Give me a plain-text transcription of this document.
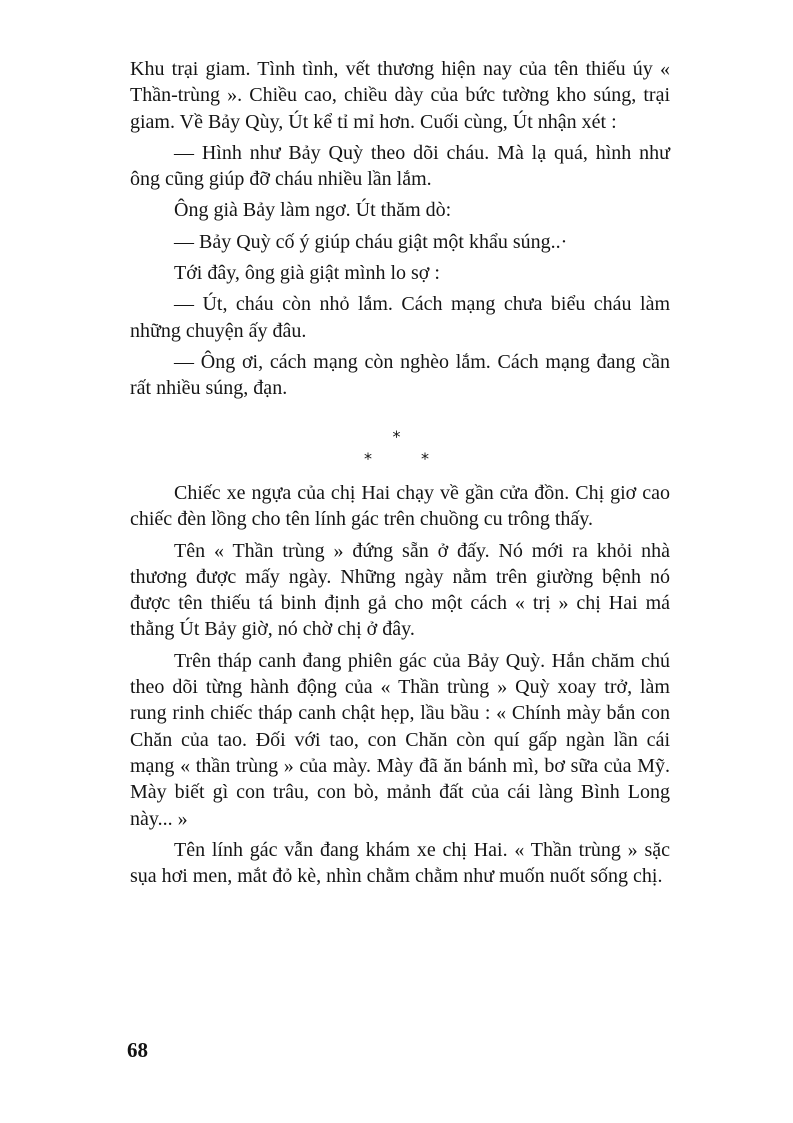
Khu trại giam. Tình tình, vết thương hiện nay của tên thiếu úy « Thần-trùng ». Chiều cao, chiều dày của bức tường kho súng, trại giam. Về Bảy Qùy, Út kể tỉ mỉ hơn. Cuối cùng, Út nhận xét :

— Hình như Bảy Quỳ theo dõi cháu. Mà lạ quá, hình như ông cũng giúp đỡ cháu nhiều lần lắm.

Ông già Bảy làm ngơ. Út thăm dò:

— Bảy Quỳ cố ý giúp cháu giật một khẩu súng..·

Tới đây, ông già giật mình lo sợ :

— Út, cháu còn nhỏ lắm. Cách mạng chưa biểu cháu làm những chuyện ấy đâu.

— Ông ơi, cách mạng còn nghèo lắm. Cách mạng đang cần rất nhiều súng, đạn.

*
* *

Chiếc xe ngựa của chị Hai chạy về gần cửa đồn. Chị giơ cao chiếc đèn lồng cho tên lính gác trên chuồng cu trông thấy.

Tên « Thần trùng » đứng sẵn ở đấy. Nó mới ra khỏi nhà thương được mấy ngày. Những ngày nằm trên giường bệnh nó được tên thiếu tá binh định gả cho một cách « trị » chị Hai má thằng Út Bảy giờ, nó chờ chị ở đây.

Trên tháp canh đang phiên gác của Bảy Quỳ. Hắn chăm chú theo dõi từng hành động của « Thần trùng » Quỳ xoay trở, làm rung rinh chiếc tháp canh chật hẹp, lầu bầu : « Chính mày bắn con Chăn của tao. Đối với tao, con Chăn còn quí gấp ngàn lần cái mạng « thần trùng » của mày. Mày đã ăn bánh mì, bơ sữa của Mỹ. Mày biết gì con trâu, con bò, mảnh đất của cái làng Bình Long này... »

Tên lính gác vẫn đang khám xe chị Hai. « Thần trùng » sặc sụa hơi men, mắt đỏ kè, nhìn chằm chằm như muốn nuốt sống chị.

68
